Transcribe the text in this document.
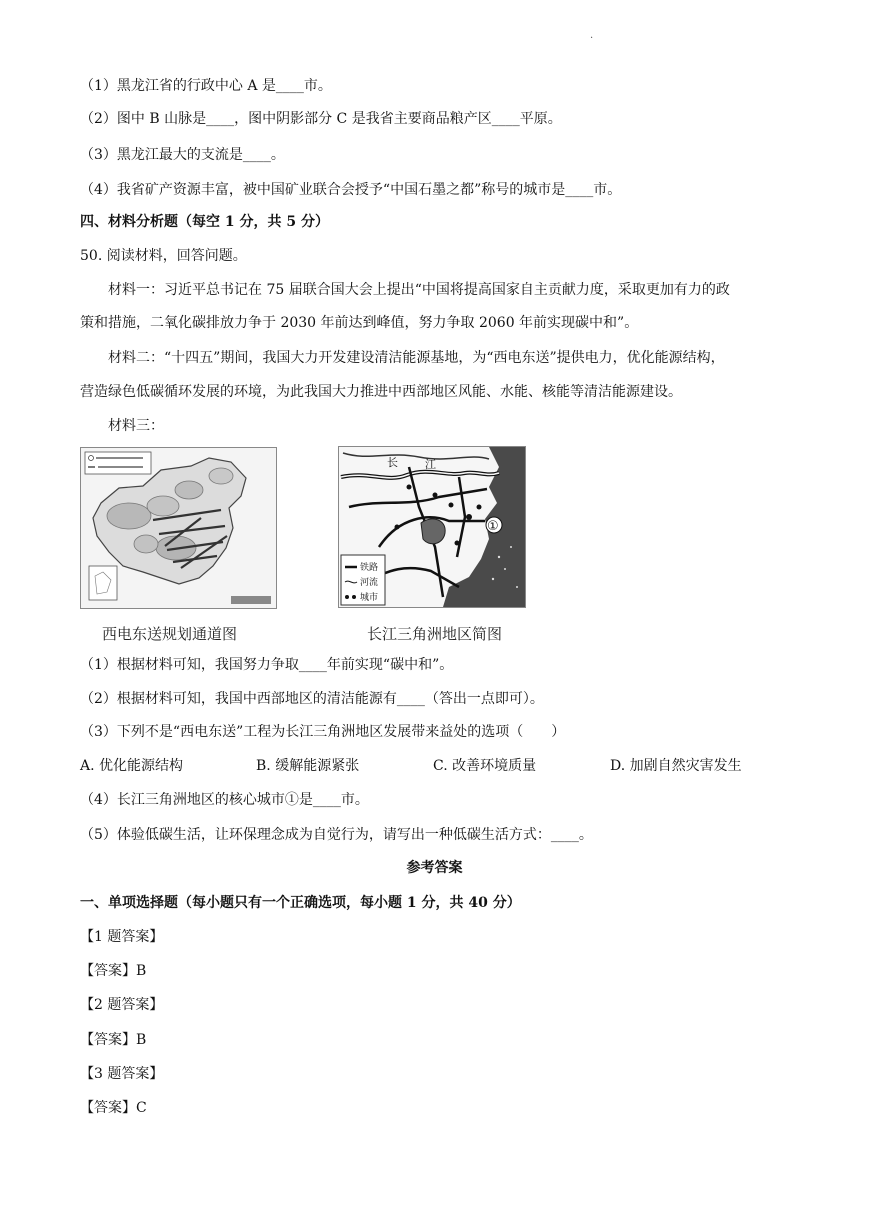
.
（1）黑龙江省的行政中心 A 是____市。
（2）图中 B 山脉是____，图中阴影部分 C 是我省主要商品粮产区____平原。
（3）黑龙江最大的支流是____。
（4）我省矿产资源丰富，被中国矿业联合会授予“中国石墨之都”称号的城市是____市。
四、材料分析题（每空 1 分，共 5 分）
50. 阅读材料，回答问题。
材料一：习近平总书记在 75 届联合国大会上提出“中国将提高国家自主贡献力度，采取更加有力的政
策和措施，二氧化碳排放力争于 2030 年前达到峰值，努力争取 2060 年前实现碳中和”。
材料二：“十四五”期间，我国大力开发建设清洁能源基地，为“西电东送”提供电力，优化能源结构，
营造绿色低碳循环发展的环境，为此我国大力推进中西部地区风能、水能、核能等清洁能源建设。
材料三：
西电东送规划通道图
长 江
①
铁路
河流
城市
长江三角洲地区简图
（1）根据材料可知，我国努力争取____年前实现“碳中和”。
（2）根据材料可知，我国中西部地区的清洁能源有____（答出一点即可）。
（3）下列不是“西电东送”工程为长江三角洲地区发展带来益处的选项（　　）
A. 优化能源结构	B. 缓解能源紧张	C. 改善环境质量	D. 加剧自然灾害发生
（4）长江三角洲地区的核心城市①是____市。
（5）体验低碳生活，让环保理念成为自觉行为，请写出一种低碳生活方式：____。
参考答案
一、单项选择题（每小题只有一个正确选项，每小题 1 分，共 40 分）
【1 题答案】
【答案】B
【2 题答案】
【答案】B
【3 题答案】
【答案】C
